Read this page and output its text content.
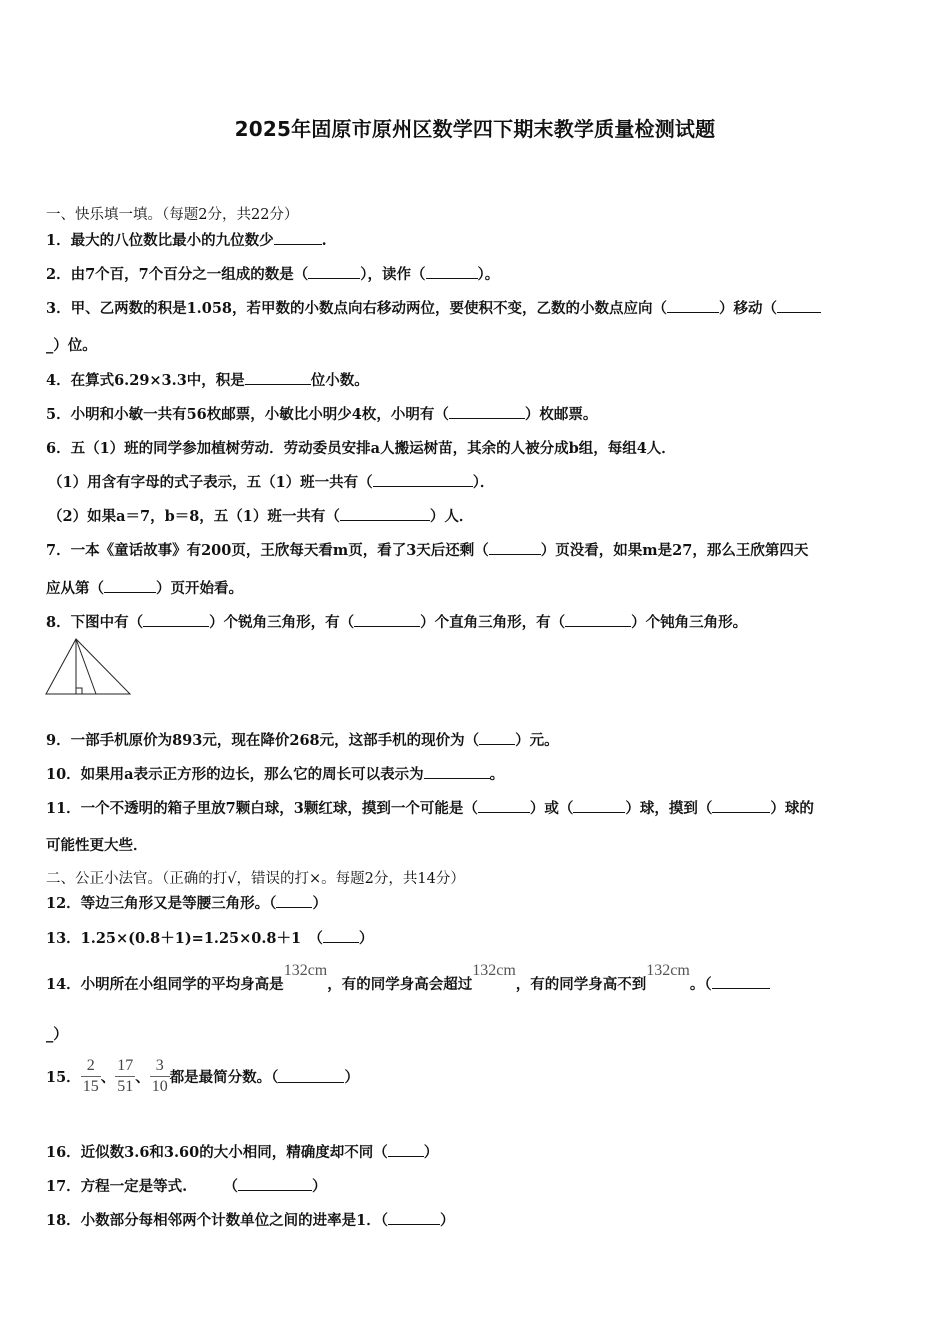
2025年固原市原州区数学四下期末教学质量检测试题
一、快乐填一填。（每题2分，共22分）
1．最大的八位数比最小的九位数少	.
2．由7个百，7个百分之一组成的数是（	），读作（	）。
3．甲、乙两数的积是1.058，若甲数的小数点向右移动两位，要使积不变，乙数的小数点应向（	）移动（
_）位。
4．在算式6.29×3.3中，积是	位小数。
5．小明和小敏一共有56枚邮票，小敏比小明少4枚，小明有（	）枚邮票。
6．五（1）班的同学参加植树劳动．劳动委员安排a人搬运树苗，其余的人被分成b组，每组4人．
（1）用含有字母的式子表示，五（1）班一共有（	）．
（2）如果a＝7，b＝8，五（1）班一共有（	）人．
7．一本《童话故事》有200页，王欣每天看m页，看了3天后还剩（	）页没看，如果m是27，那么王欣第四天
应从第（	）页开始看。
8．下图中有（	）个锐角三角形，有（	）个直角三角形，有（	）个钝角三角形。
9．一部手机原价为893元，现在降价268元，这部手机的现价为（ ）元。
10．如果用a表示正方形的边长，那么它的周长可以表示为	。
11．一个不透明的箱子里放7颗白球，3颗红球，摸到一个可能是（	）或（	）球，摸到（	）球的
可能性更大些．
二、公正小法官。（正确的打√，错误的打×。每题2分，共14分）
12．等边三角形又是等腰三角形。（ ）
13．1.25×(0.8＋1)=1.25×0.8＋1　（ ）
14．小明所在小组同学的平均身高是132cm，有的同学身高会超过132cm，有的同学身高不到132cm。（
_）
15． $\frac{2}{15}$ 、 $\frac{17}{51}$ 、 $\frac{3}{10}$ 都是最简分数。（	）
16．近似数3.6和3.60的大小相同，精确度却不同（ ）
17．方程一定是等式.　　　（	）
18．小数部分每相邻两个计数单位之间的进率是1．（	）
